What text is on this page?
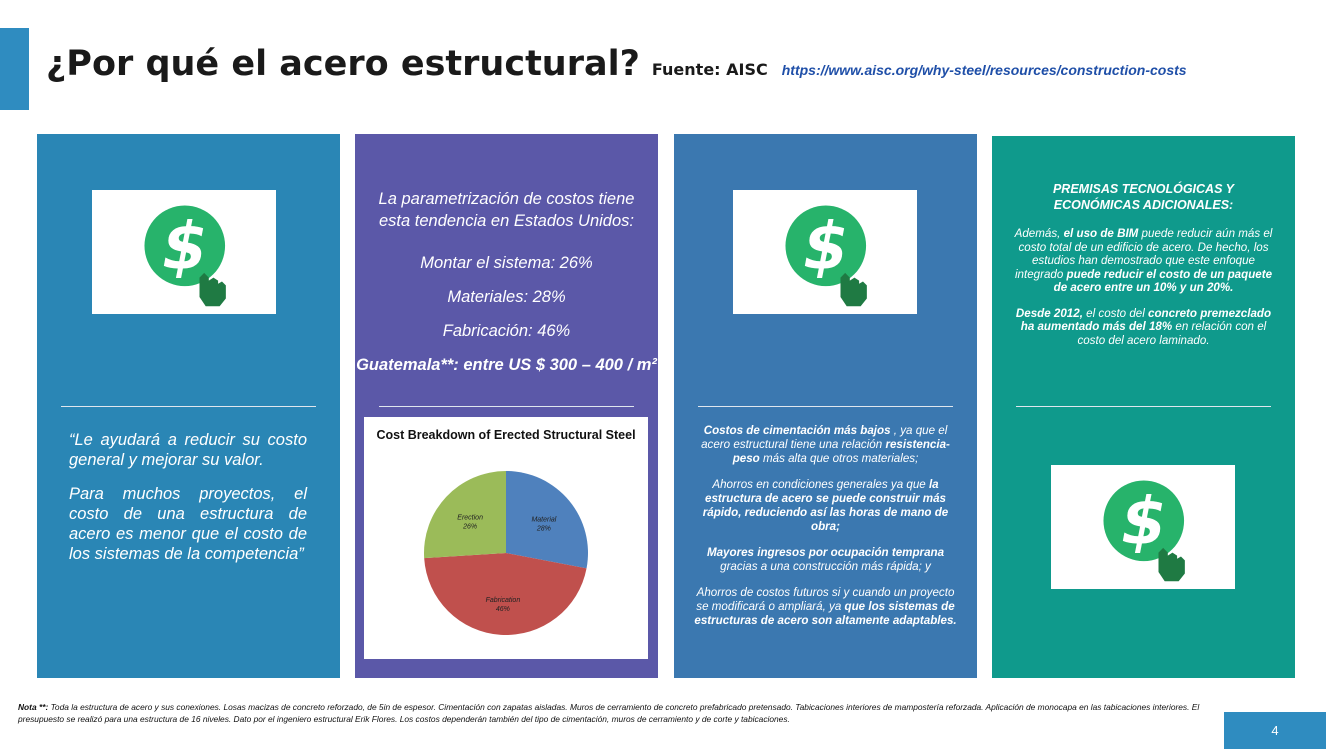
¿Por qué el acero estructural? Fuente: AISC https://www.aisc.org/why-steel/resources/construction-costs

“Le ayudará a reducir su costo general y mejorar su valor.

Para muchos proyectos, el costo de una estructura de acero es menor que el costo de los sistemas de la competencia”

La parametrización de costos tiene esta tendencia en Estados Unidos:

Montar el sistema: 26%

Materiales: 28%

Fabricación: 46%

Guatemala**: entre US $ 300 – 400 / m²

Cost Breakdown of Erected Structural Steel
Material
28%
Fabrication
46%
Erection
26%

Costos de cimentación más bajos , ya que el acero estructural tiene una relación resistencia-peso más alta que otros materiales;

Ahorros en condiciones generales ya que la estructura de acero se puede construir más rápido, reduciendo así las horas de mano de obra;

Mayores ingresos por ocupación temprana gracias a una construcción más rápida; y

Ahorros de costos futuros si y cuando un proyecto se modificará o ampliará, ya que los sistemas de estructuras de acero son altamente adaptables.

PREMISAS TECNOLÓGICAS Y ECONÓMICAS ADICIONALES:

Además, el uso de BIM puede reducir aún más el costo total de un edificio de acero. De hecho, los estudios han demostrado que este enfoque integrado puede reducir el costo de un paquete de acero entre un 10% y un 20%.

Desde 2012, el costo del concreto premezclado ha aumentado más del 18% en relación con el costo del acero laminado.

Nota **: Toda la estructura de acero y sus conexiones. Losas macizas de concreto reforzado, de 5in de espesor. Cimentación con zapatas aisladas. Muros de cerramiento de concreto prefabricado pretensado. Tabicaciones interiores de mampostería reforzada. Aplicación de monocapa en las tabicaciones interiores. El presupuesto se realizó para una estructura de 16 niveles. Dato por el ingeniero estructural Erik Flores. Los costos dependerán también del tipo de cimentación, muros de cerramiento y de corte y tabicaciones.
4
